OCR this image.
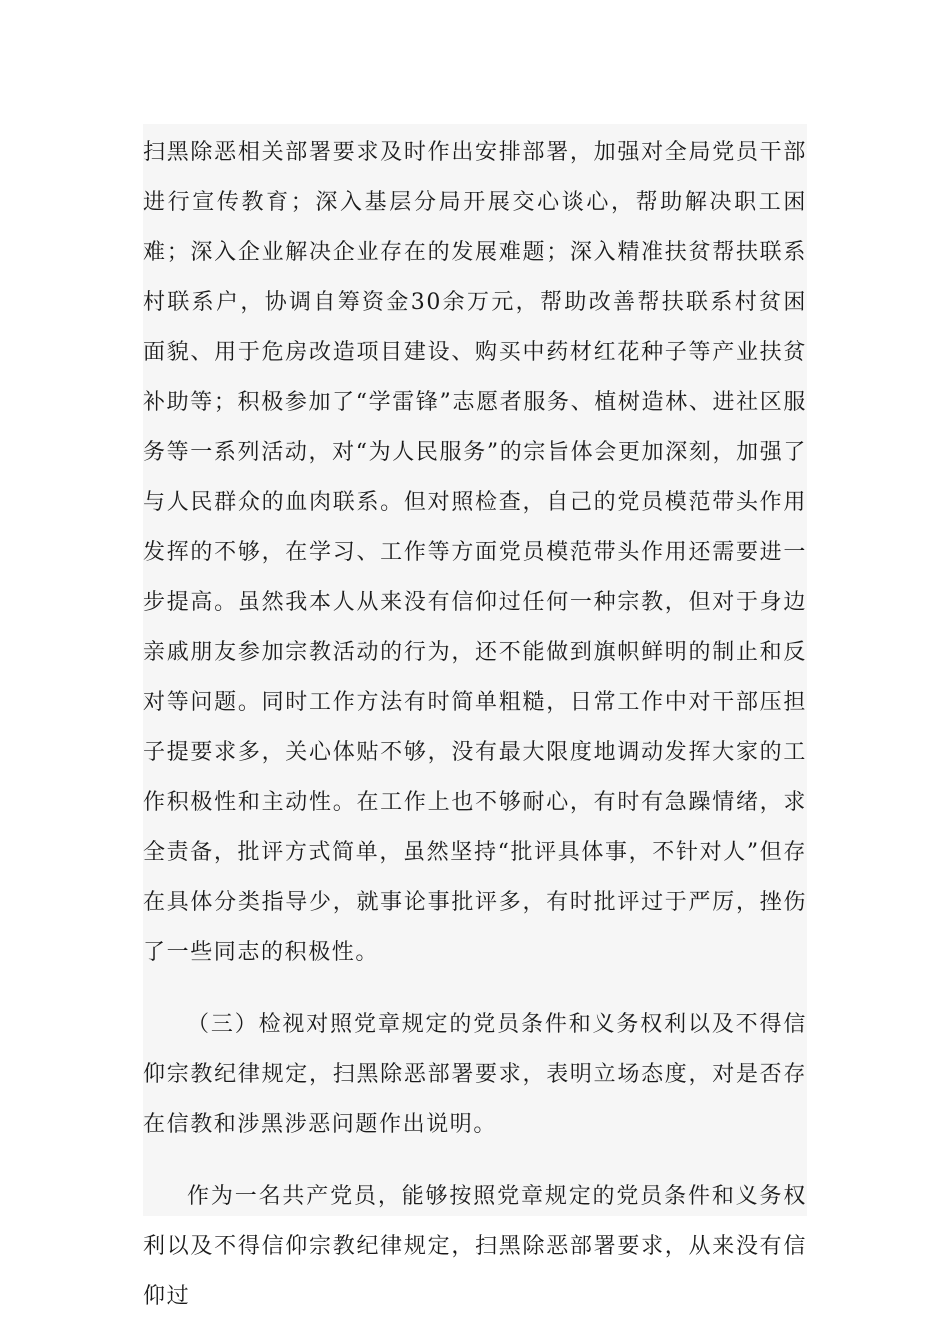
扫黑除恶相关部署要求及时作出安排部署，加强对全局党员干部进行宣传教育；深入基层分局开展交心谈心，帮助解决职工困难；深入企业解决企业存在的发展难题；深入精准扶贫帮扶联系村联系户，协调自筹资金30余万元，帮助改善帮扶联系村贫困面貌、用于危房改造项目建设、购买中药材红花种子等产业扶贫补助等；积极参加了“学雷锋”志愿者服务、植树造林、进社区服务等一系列活动，对“为人民服务”的宗旨体会更加深刻，加强了与人民群众的血肉联系。但对照检查，自己的党员模范带头作用发挥的不够，在学习、工作等方面党员模范带头作用还需要进一步提高。虽然我本人从来没有信仰过任何一种宗教，但对于身边亲戚朋友参加宗教活动的行为，还不能做到旗帜鲜明的制止和反对等问题。同时工作方法有时简单粗糙，日常工作中对干部压担子提要求多，关心体贴不够，没有最大限度地调动发挥大家的工作积极性和主动性。在工作上也不够耐心，有时有急躁情绪，求全责备，批评方式简单，虽然坚持“批评具体事，不针对人”但存在具体分类指导少，就事论事批评多，有时批评过于严厉，挫伤了一些同志的积极性。

（三）检视对照党章规定的党员条件和义务权利以及不得信仰宗教纪律规定，扫黑除恶部署要求，表明立场态度，对是否存在信教和涉黑涉恶问题作出说明。

作为一名共产党员，能够按照党章规定的党员条件和义务权利以及不得信仰宗教纪律规定，扫黑除恶部署要求，从来没有信仰过
